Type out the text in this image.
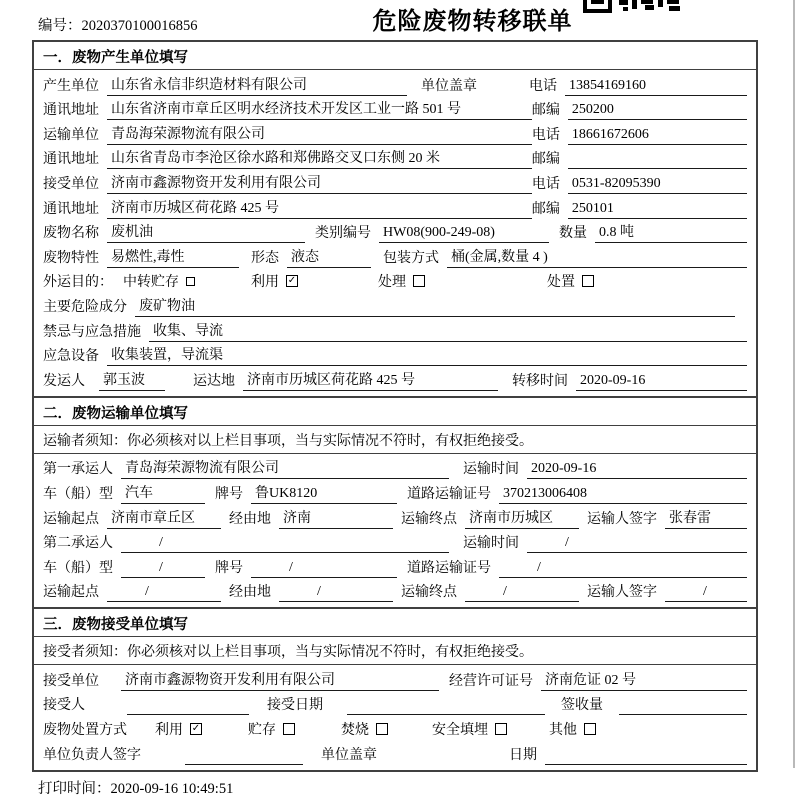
编号：2020370100016856	危险废物转移联单
一．废物产生单位填写
产生单位 山东省永信非织造材料有限公司	单位盖章	电话 13854169160
通讯地址 山东省济南市章丘区明水经济技术开发区工业一路 501 号	邮编 250200
运输单位 青岛海荣源物流有限公司	电话 18661672606
通讯地址 山东省青岛市李沧区徐水路和郑佛路交叉口东侧 20 米	邮编
接受单位 济南市鑫源物资开发利用有限公司	电话 0531-82095390
通讯地址 济南市历城区荷花路 425 号	邮编 250101
废物名称 废机油	类别编号 HW08(900-249-08)	数量 0.8 吨
废物特性 易燃性,毒性	形态 液态	包装方式 桶(金属,数量 4 )
外运目的： 中转贮存	利用 ✓	处理	处置
主要危险成分 废矿物油
禁忌与应急措施 收集、导流
应急设备 收集装置，导流渠
发运人 郭玉波	运达地 济南市历城区荷花路 425 号	转移时间 2020-09-16
二．废物运输单位填写
运输者须知：你必须核对以上栏目事项，当与实际情况不符时，有权拒绝接受。
第一承运人 青岛海荣源物流有限公司	运输时间 2020-09-16
车（船）型 汽车	牌号 鲁UK8120	道路运输证号 370213006408
运输起点 济南市章丘区	经由地 济南	运输终点 济南市历城区	运输人签字 张春雷
第二承运人	/	运输时间	/
车（船）型	/	牌号	/	道路运输证号	/
运输起点	/	经由地	/	运输终点	/	运输人签字	/
三．废物接受单位填写
接受者须知：你必须核对以上栏目事项，当与实际情况不符时，有权拒绝接受。
接受单位 济南市鑫源物资开发利用有限公司	经营许可证号 济南危证 02 号
接受人	接受日期	签收量
废物处置方式 利用 ✓	贮存	焚烧	安全填埋	其他
单位负责人签字	单位盖章	日期
打印时间：2020-09-16 10:49:51
